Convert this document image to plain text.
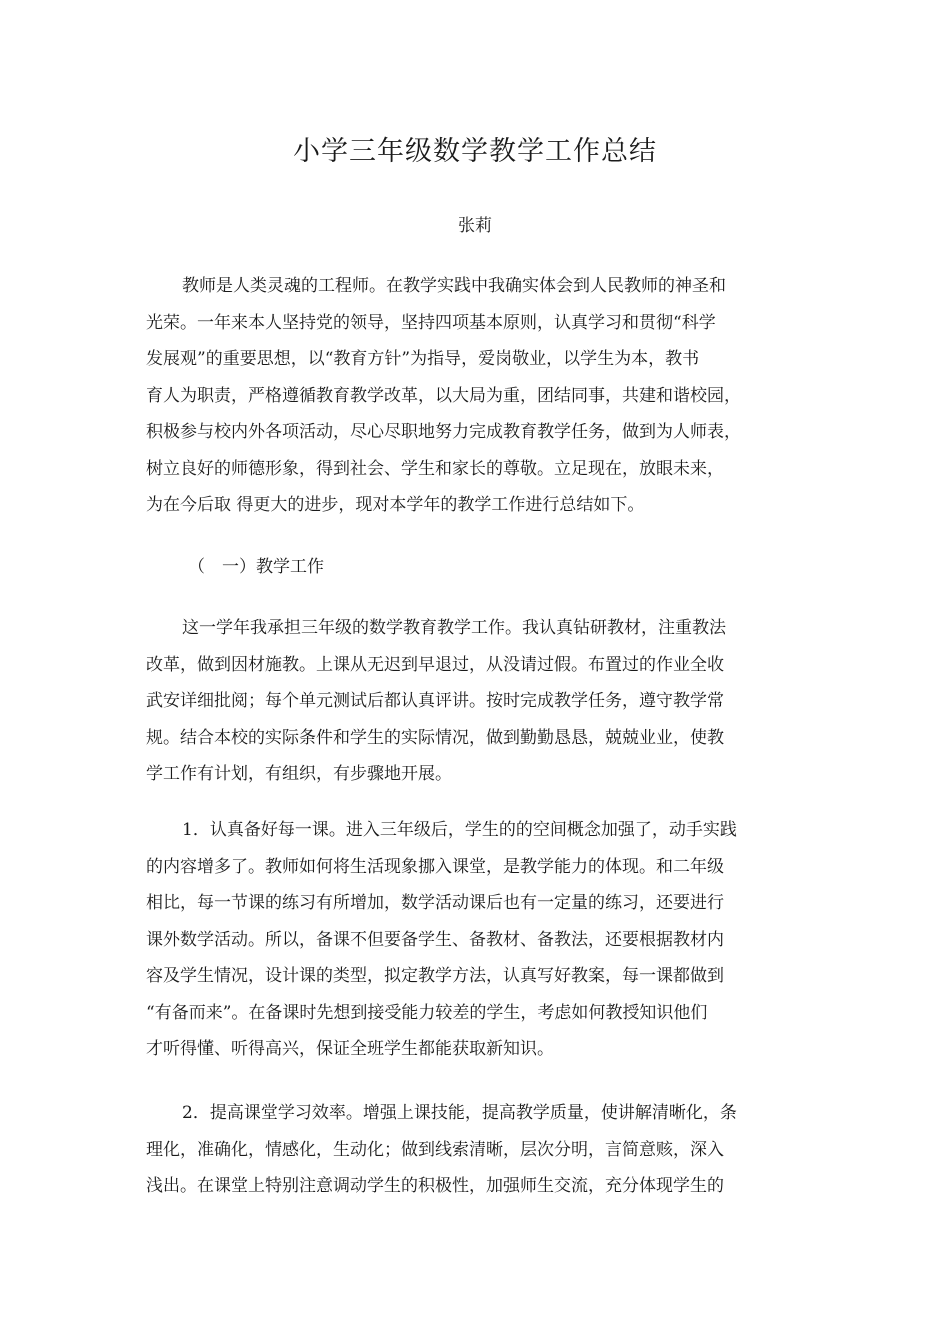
小学三年级数学教学工作总结

张莉

教师是人类灵魂的工程师。在教学实践中我确实体会到人民教师的神圣和
光荣。一年来本人坚持党的领导，坚持四项基本原则，认真学习和贯彻“科学
发展观”的重要思想，以“教育方针”为指导，爱岗敬业，以学生为本，教书
育人为职责，严格遵循教育教学改革，以大局为重，团结同事，共建和谐校园，
积极参与校内外各项活动，尽心尽职地努力完成教育教学任务，做到为人师表，
树立良好的师德形象，得到社会、学生和家长的尊敬。立足现在，放眼未来，
为在今后取 得更大的进步，现对本学年的教学工作进行总结如下。

（　一）教学工作

这一学年我承担三年级的数学教育教学工作。我认真钻研教材，注重教法
改革，做到因材施教。上课从无迟到早退过，从没请过假。布置过的作业全收
武安详细批阅；每个单元测试后都认真评讲。按时完成教学任务，遵守教学常
规。结合本校的实际条件和学生的实际情况，做到勤勤恳恳，兢兢业业，使教
学工作有计划，有组织，有步骤地开展。
1．认真备好每一课。进入三年级后，学生的的空间概念加强了，动手实践
的内容增多了。教师如何将生活现象挪入课堂，是教学能力的体现。和二年级
相比，每一节课的练习有所增加，数学活动课后也有一定量的练习，还要进行
课外数学活动。所以，备课不但要备学生、备教材、备教法，还要根据教材内
容及学生情况，设计课的类型，拟定教学方法，认真写好教案，每一课都做到
“有备而来”。在备课时先想到接受能力较差的学生，考虑如何教授知识他们
才听得懂、听得高兴，保证全班学生都能获取新知识。
2．提高课堂学习效率。增强上课技能，提高教学质量，使讲解清晰化，条
理化，准确化，情感化，生动化；做到线索清晰，层次分明，言简意赅，深入
浅出。在课堂上特别注意调动学生的积极性，加强师生交流，充分体现学生的
